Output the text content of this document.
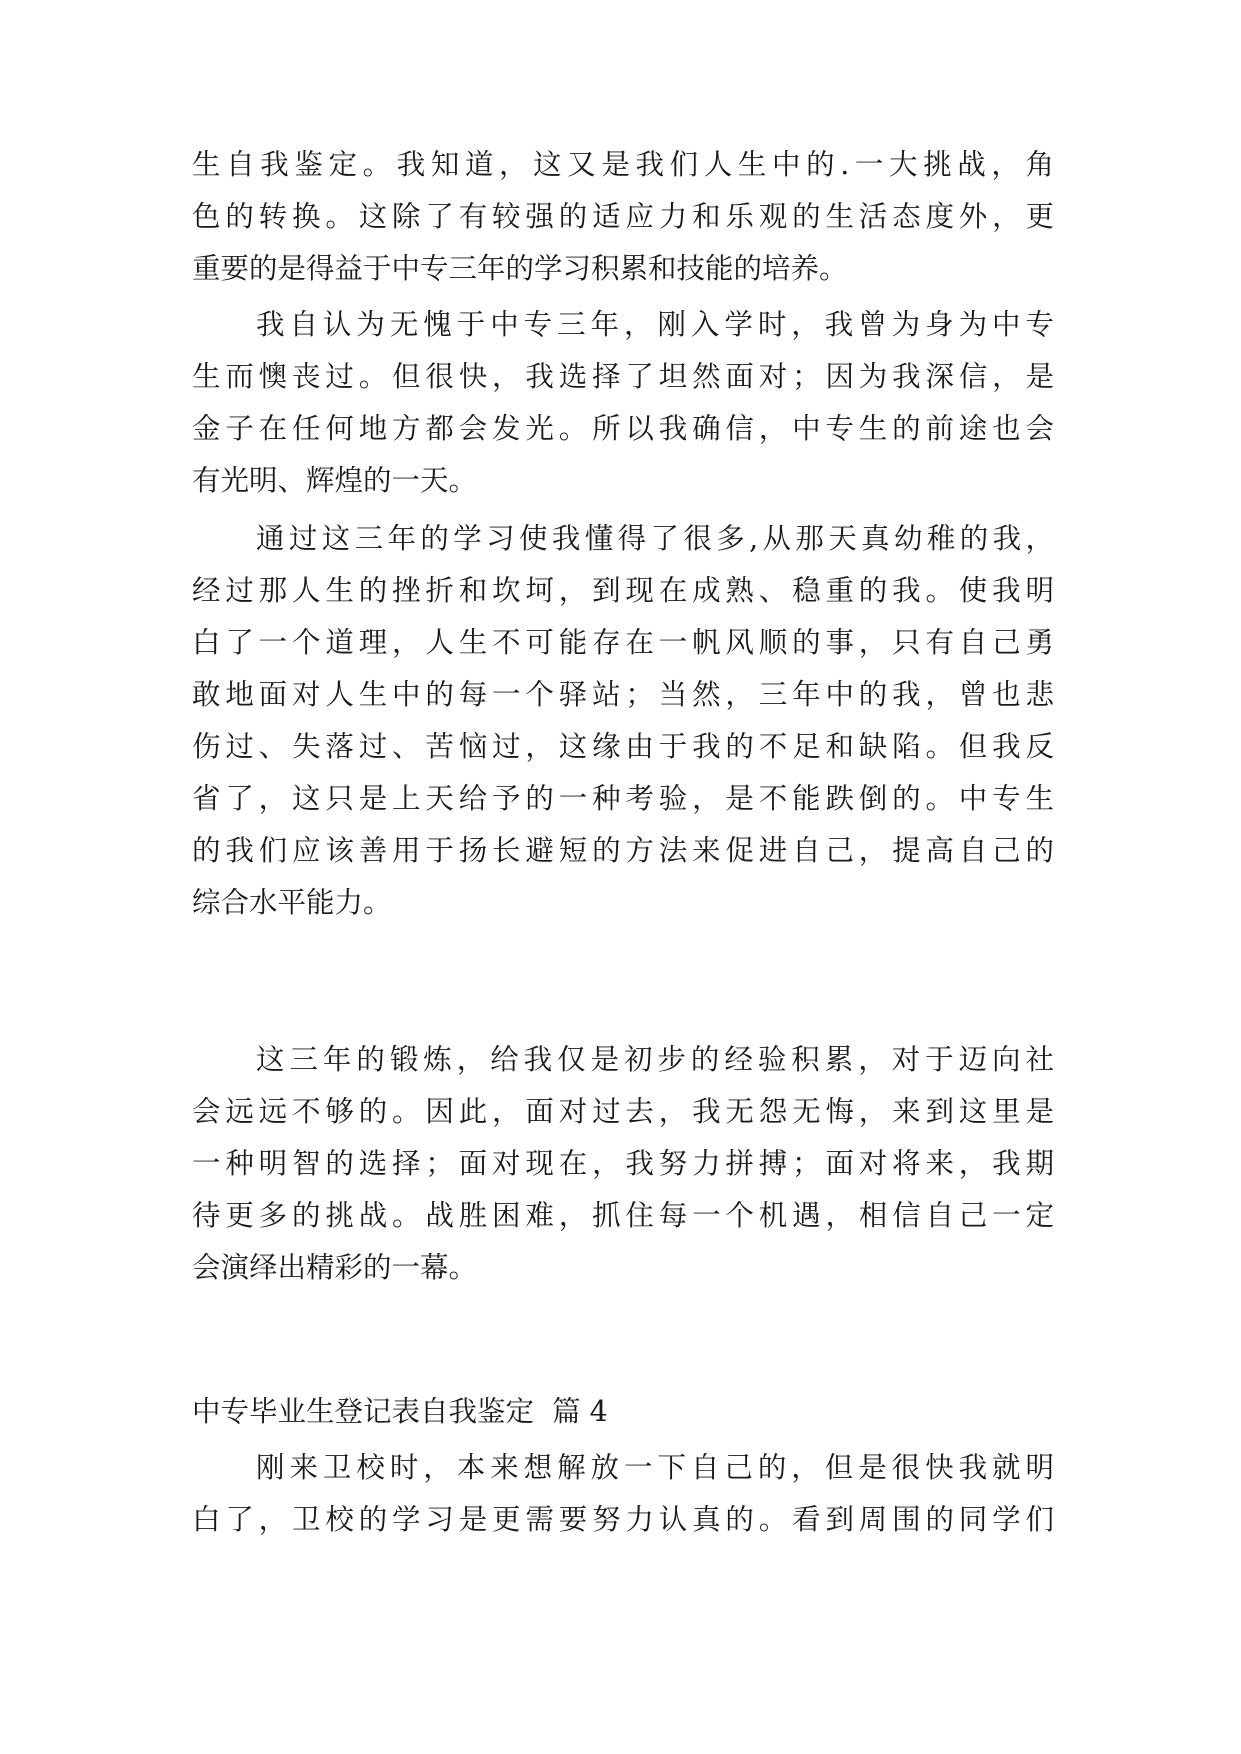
生自我鉴定。我知道，这又是我们人生中的.一大挑战，角
色的转换。这除了有较强的适应力和乐观的生活态度外，更
重要的是得益于中专三年的学习积累和技能的培养。
我自认为无愧于中专三年，刚入学时，我曾为身为中专
生而懊丧过。但很快，我选择了坦然面对；因为我深信，是
金子在任何地方都会发光。所以我确信，中专生的前途也会
有光明、辉煌的一天。
通过这三年的学习使我懂得了很多,从那天真幼稚的我，
经过那人生的挫折和坎坷，到现在成熟、稳重的我。使我明
白了一个道理，人生不可能存在一帆风顺的事，只有自己勇
敢地面对人生中的每一个驿站；当然，三年中的我，曾也悲
伤过、失落过、苦恼过，这缘由于我的不足和缺陷。但我反
省了，这只是上天给予的一种考验，是不能跌倒的。中专生
的我们应该善用于扬长避短的方法来促进自己，提高自己的
综合水平能力。
这三年的锻炼，给我仅是初步的经验积累，对于迈向社
会远远不够的。因此，面对过去，我无怨无悔，来到这里是
一种明智的选择；面对现在，我努力拼搏；面对将来，我期
待更多的挑战。战胜困难，抓住每一个机遇，相信自己一定
会演绎出精彩的一幕。
中专毕业生登记表自我鉴定  篇 4
刚来卫校时，本来想解放一下自己的，但是很快我就明
白了，卫校的学习是更需要努力认真的。看到周围的同学们
